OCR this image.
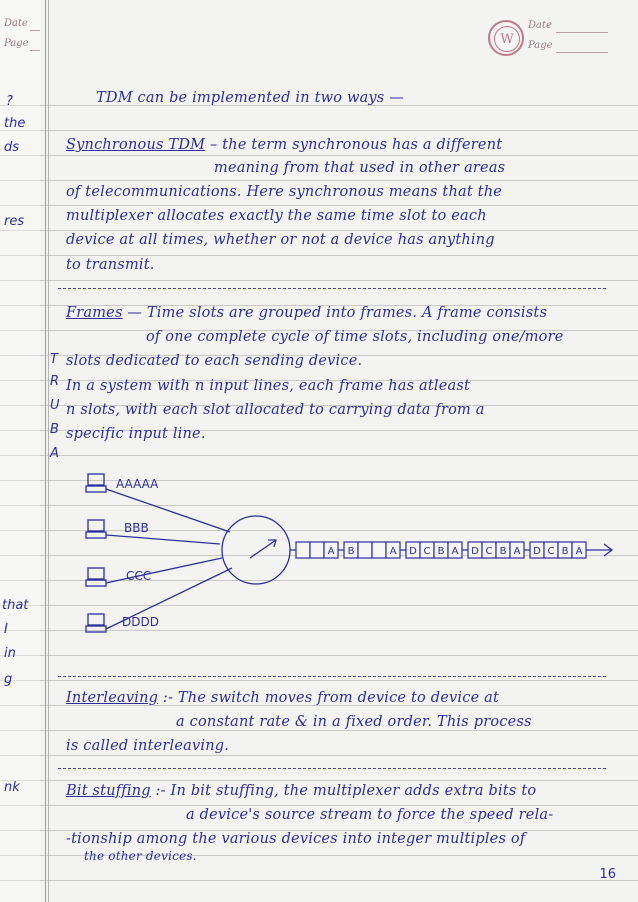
Date
Page	W
Date
Page
?
the
ds
res
that
I
in
g
nk
T
R
U
B
A
TDM can be implemented in two ways —
Synchronous TDM – the term synchronous has a different
meaning from that used in other areas
of telecommunications. Here synchronous means that the
multiplexer allocates exactly the same time slot to each
device at all times, whether or not a device has anything
to transmit.
Frames — Time slots are grouped into frames. A frame consists
of one complete cycle of time slots, including one/more
slots dedicated to each sending device.
In a system with n input lines, each frame has atleast
n slots, with each slot allocated to carrying data from a
specific input line.
AAAAA
BBB
CCC
DDDD
A B	A D C B A D C B A D C B A
Interleaving :- The switch moves from device to device at
a constant rate & in a fixed order. This process
is called interleaving.
Bit stuffing :- In bit stuffing, the multiplexer adds extra bits to
a device's source stream to force the speed rela-
-tionship among the various devices into integer multiples of
the other devices.
16
